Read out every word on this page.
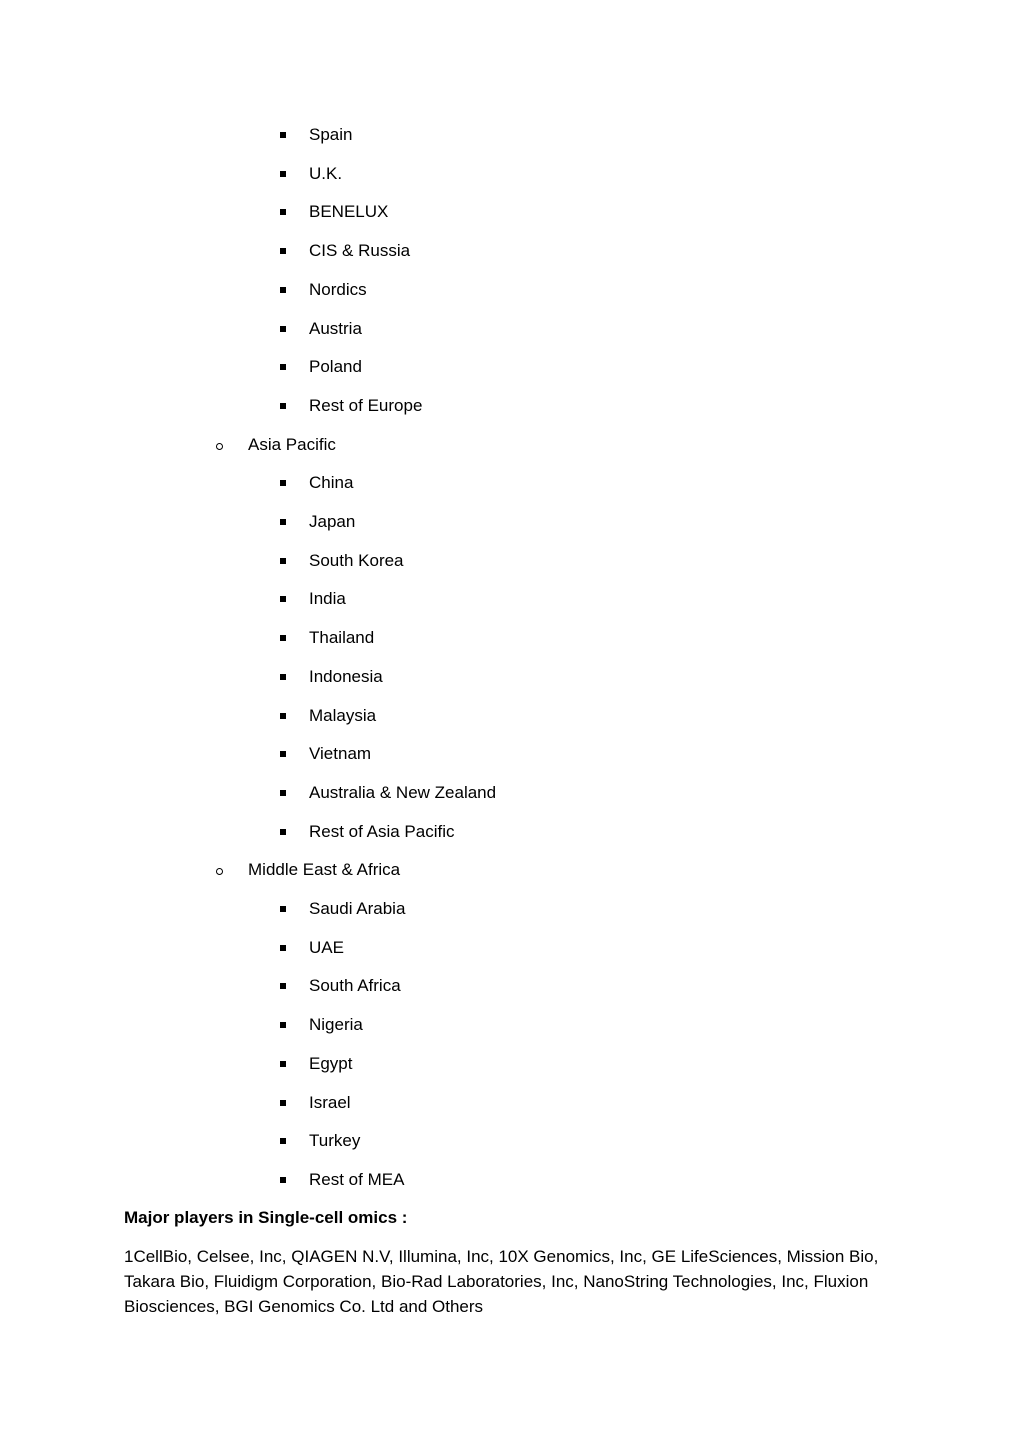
Spain
U.K.
BENELUX
CIS & Russia
Nordics
Austria
Poland
Rest of Europe
Asia Pacific
China
Japan
South Korea
India
Thailand
Indonesia
Malaysia
Vietnam
Australia & New Zealand
Rest of Asia Pacific
Middle East & Africa
Saudi Arabia
UAE
South Africa
Nigeria
Egypt
Israel
Turkey
Rest of MEA
Major players in Single-cell omics :
1CellBio, Celsee, Inc, QIAGEN N.V, Illumina, Inc, 10X Genomics, Inc, GE LifeSciences, Mission Bio, Takara Bio, Fluidigm Corporation, Bio-Rad Laboratories, Inc, NanoString Technologies, Inc, Fluxion Biosciences, BGI Genomics Co. Ltd and Others
